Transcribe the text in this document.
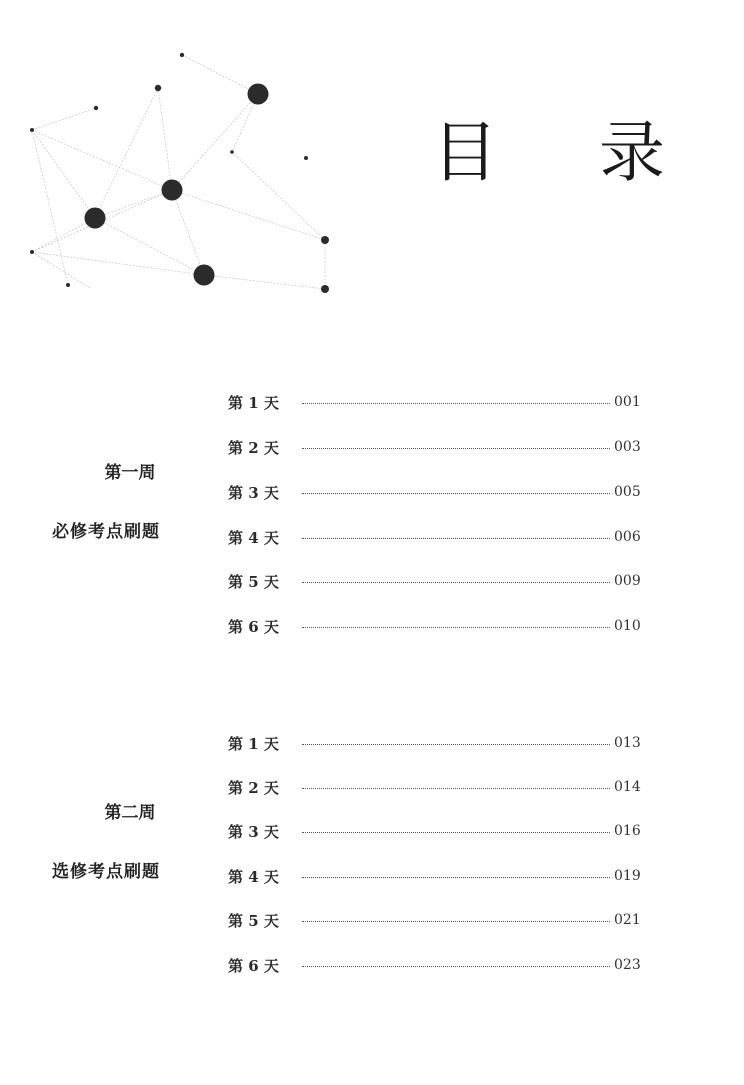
目 录
第一周
必修考点刷题
第 1 天	001
第 2 天	003
第 3 天	005
第 4 天	006
第 5 天	009
第 6 天	010
第二周
选修考点刷题
第 1 天	013
第 2 天	014
第 3 天	016
第 4 天	019
第 5 天	021
第 6 天	023
